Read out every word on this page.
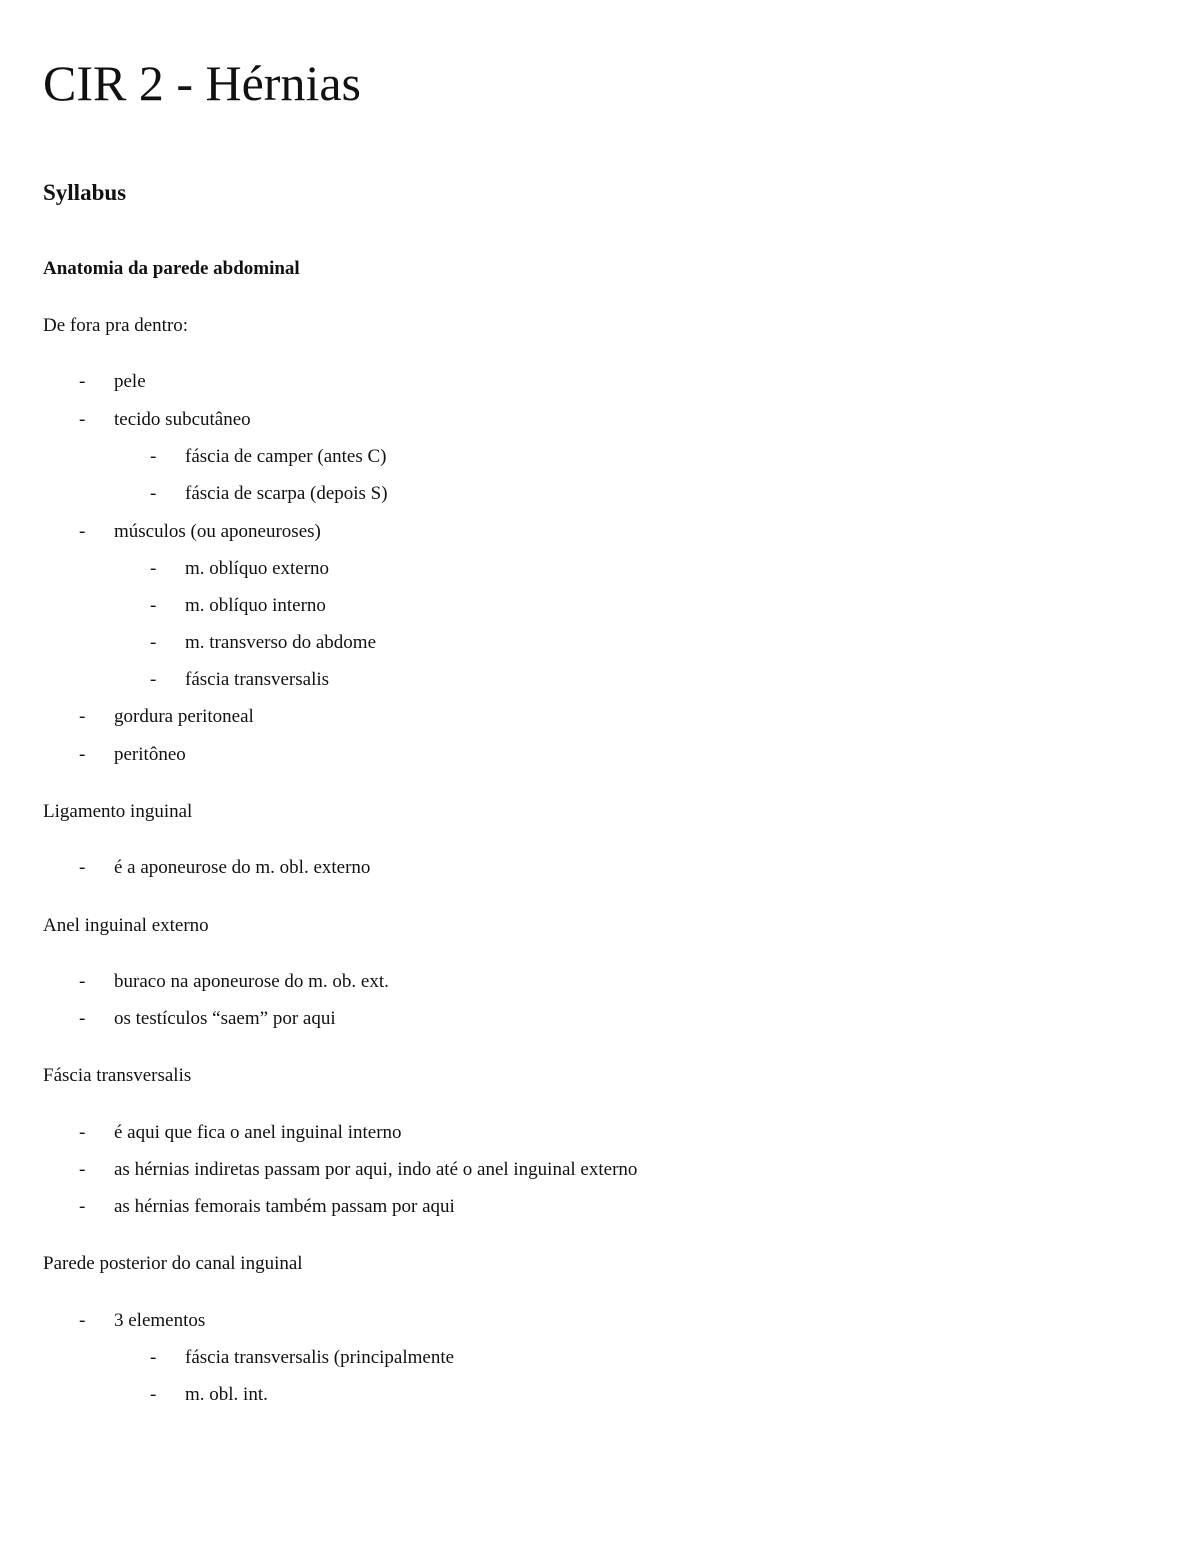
CIR 2 - Hérnias
Syllabus
Anatomia da parede abdominal

De fora pra dentro:

- pele
- tecido subcutâneo
- fáscia de camper (antes C)
- fáscia de scarpa (depois S)
- músculos (ou aponeuroses)
- m. oblíquo externo
- m. oblíquo interno
- m. transverso do abdome
- fáscia transversalis
- gordura peritoneal
- peritôneo

Ligamento inguinal

- é a aponeurose do m. obl. externo

Anel inguinal externo

- buraco na aponeurose do m. ob. ext.
- os testículos “saem” por aqui

Fáscia transversalis

- é aqui que fica o anel inguinal interno
- as hérnias indiretas passam por aqui, indo até o anel inguinal externo
- as hérnias femorais também passam por aqui

Parede posterior do canal inguinal

- 3 elementos
- fáscia transversalis (principalmente
- m. obl. int.
